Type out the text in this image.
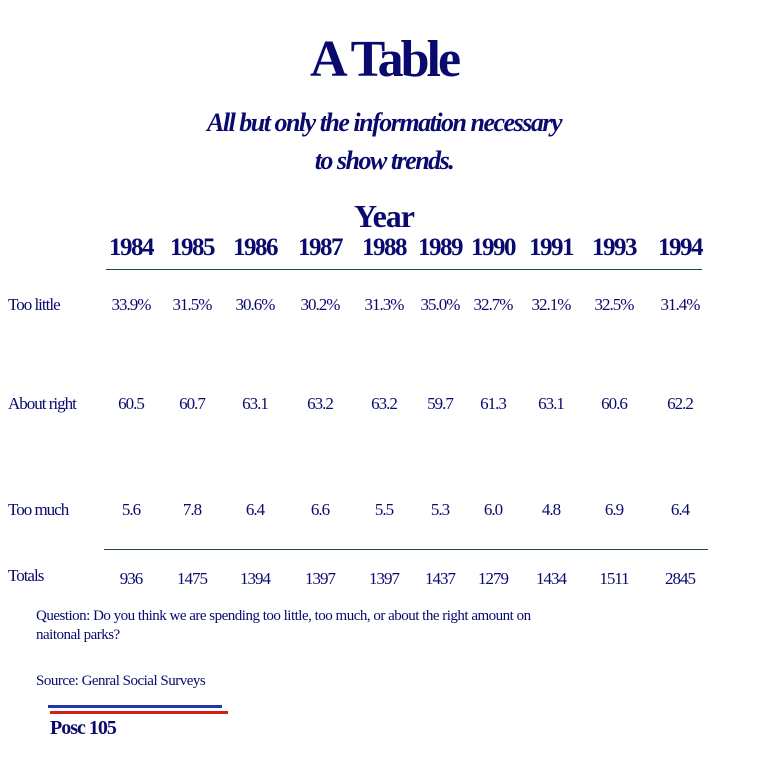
A Table
All but only the information necessary
to show trends.
Year
1984 1985 1986 1987 1988 1989 1990 1991 1993 1994
Too little	33.9%	31.5%	30.6%	30.2%	31.3%	35.0% 32.7%	32.1%	32.5%	31.4%
About right	60.5	60.7	63.1	63.2	63.2	59.7	61.3	63.1	60.6	62.2
Too much	5.6	7.8	6.4	6.6	5.5	5.3	6.0	4.8	6.9	6.4
Totals	936	1475	1394	1397	1397	1437	1279	1434	1511	2845
Question: Do you think we are spending too little, too much, or about the right amount on naitonal parks?
Source: Genral Social Surveys
Posc 105
